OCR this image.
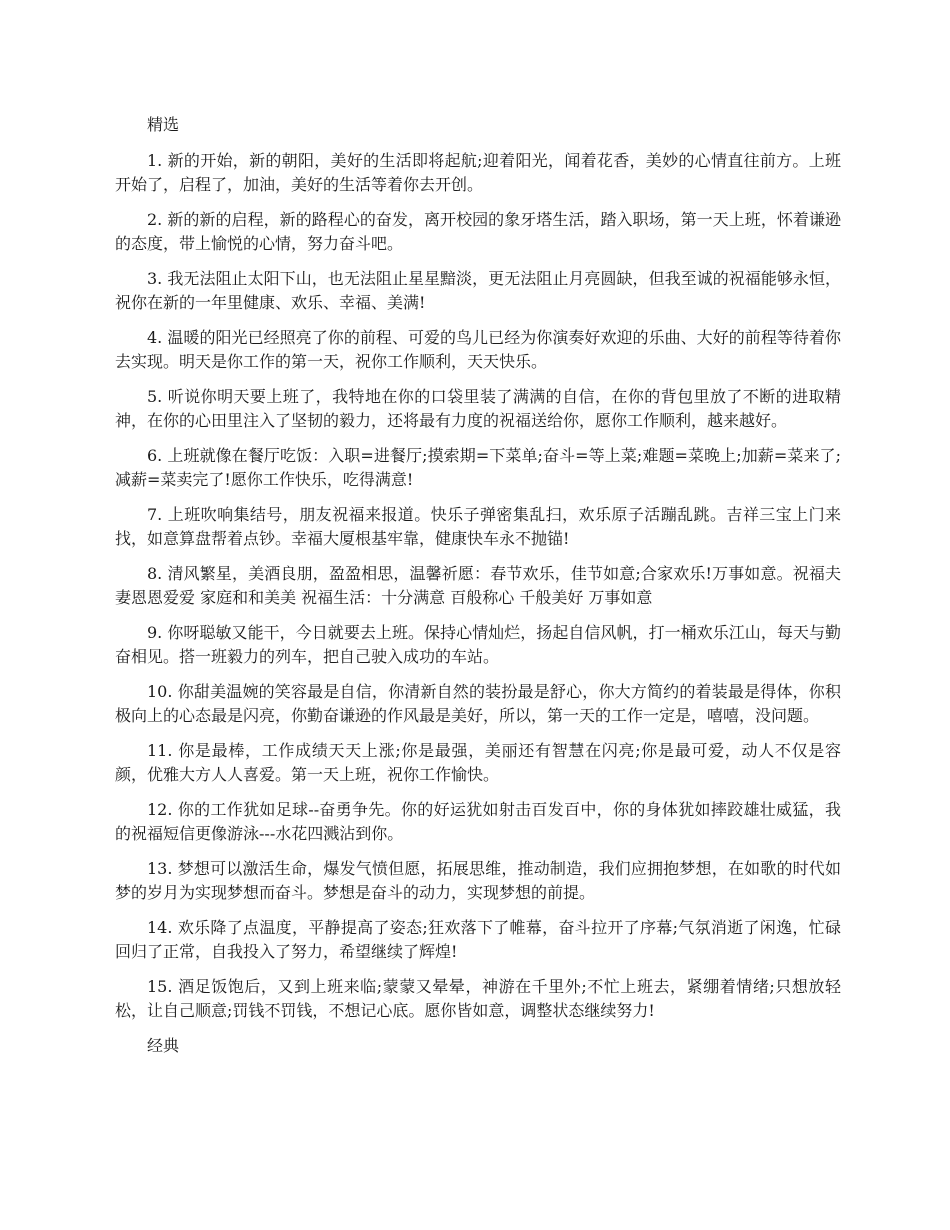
精选

1. 新的开始，新的朝阳，美好的生活即将起航;迎着阳光，闻着花香，美妙的心情直往前方。上班开始了，启程了，加油，美好的生活等着你去开创。

2. 新的新的启程，新的路程心的奋发，离开校园的象牙塔生活，踏入职场，第一天上班，怀着谦逊的态度，带上愉悦的心情，努力奋斗吧。

3. 我无法阻止太阳下山，也无法阻止星星黯淡，更无法阻止月亮圆缺，但我至诚的祝福能够永恒，祝你在新的一年里健康、欢乐、幸福、美满!

4. 温暖的阳光已经照亮了你的前程、可爱的鸟儿已经为你演奏好欢迎的乐曲、大好的前程等待着你去实现。明天是你工作的第一天，祝你工作顺利，天天快乐。

5. 听说你明天要上班了，我特地在你的口袋里装了满满的自信，在你的背包里放了不断的进取精神，在你的心田里注入了坚韧的毅力，还将最有力度的祝福送给你，愿你工作顺利，越来越好。

6. 上班就像在餐厅吃饭：入职=进餐厅;摸索期=下菜单;奋斗=等上菜;难题=菜晚上;加薪=菜来了;减薪=菜卖完了!愿你工作快乐，吃得满意!

7. 上班吹响集结号，朋友祝福来报道。快乐子弹密集乱扫，欢乐原子活蹦乱跳。吉祥三宝上门来找，如意算盘帮着点钞。幸福大厦根基牢靠，健康快车永不抛锚!

8. 清风繁星，美酒良朋，盈盈相思，温馨祈愿：春节欢乐，佳节如意;合家欢乐!万事如意。祝福夫妻恩恩爱爱 家庭和和美美 祝福生活：十分满意 百般称心 千般美好 万事如意

9. 你呀聪敏又能干，今日就要去上班。保持心情灿烂，扬起自信风帆，打一桶欢乐江山，每天与勤奋相见。搭一班毅力的列车，把自己驶入成功的车站。

10. 你甜美温婉的笑容最是自信，你清新自然的装扮最是舒心，你大方简约的着装最是得体，你积极向上的心态最是闪亮，你勤奋谦逊的作风最是美好，所以，第一天的工作一定是，嘻嘻，没问题。

11. 你是最棒，工作成绩天天上涨;你是最强，美丽还有智慧在闪亮;你是最可爱，动人不仅是容颜，优雅大方人人喜爱。第一天上班，祝你工作愉快。

12. 你的工作犹如足球--奋勇争先。你的好运犹如射击百发百中，你的身体犹如摔跤雄壮威猛，我的祝福短信更像游泳---水花四溅沾到你。

13. 梦想可以激活生命，爆发气愤但愿，拓展思维，推动制造，我们应拥抱梦想，在如歌的时代如梦的岁月为实现梦想而奋斗。梦想是奋斗的动力，实现梦想的前提。

14. 欢乐降了点温度，平静提高了姿态;狂欢落下了帷幕，奋斗拉开了序幕;气氛消逝了闲逸，忙碌回归了正常，自我投入了努力，希望继续了辉煌!

15. 酒足饭饱后，又到上班来临;蒙蒙又晕晕，神游在千里外;不忙上班去，紧绷着情绪;只想放轻松，让自己顺意;罚钱不罚钱，不想记心底。愿你皆如意，调整状态继续努力!

经典
